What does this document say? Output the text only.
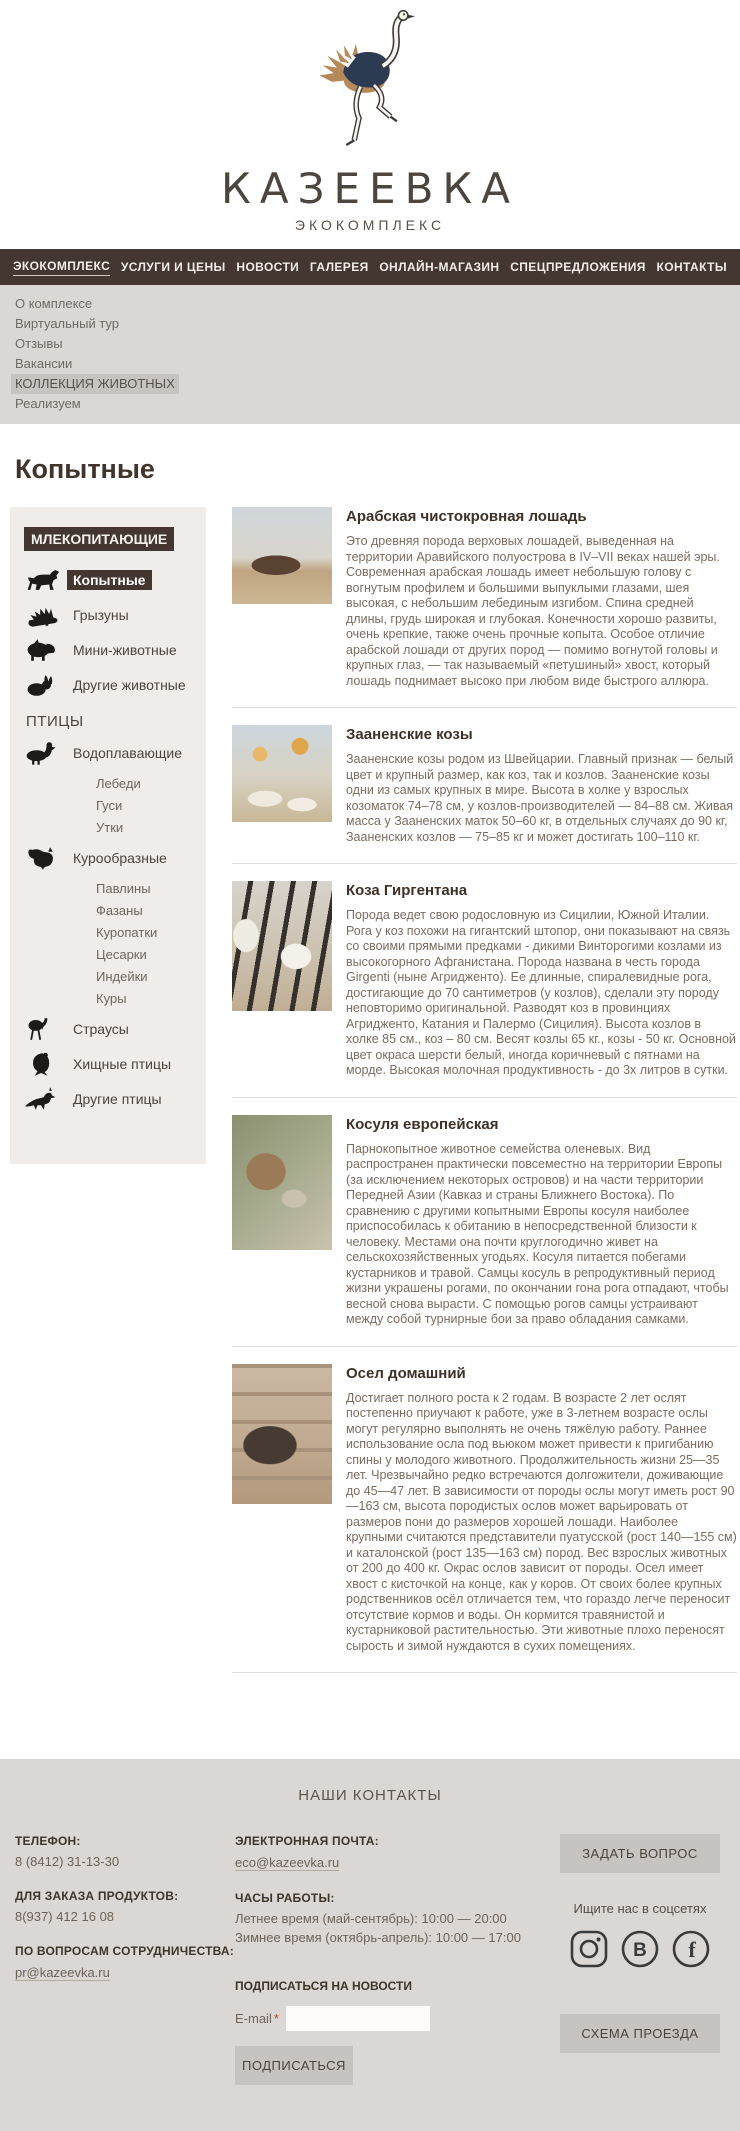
КАЗЕЕВКА
ЭКОКОМПЛЕКС
ЭКОКОМПЛЕКС УСЛУГИ И ЦЕНЫ НОВОСТИ ГАЛЕРЕЯ ОНЛАЙН-МАГАЗИН СПЕЦПРЕДЛОЖЕНИЯ КОНТАКТЫ
О комплексе
Виртуальный тур
Отзывы
Вакансии
КОЛЛЕКЦИЯ ЖИВОТНЫХ
Реализуем
Копытные
МЛЕКОПИТАЮЩИЕ
Копытные
Грызуны
Мини-животные
Другие животные
ПТИЦЫ
Водоплавающие
Лебеди
Гуси
Утки
Курообразные
Павлины
Фазаны
Куропатки
Цесарки
Индейки
Куры
Страусы
Хищные птицы
Другие птицы
Арабская чистокровная лошадь
Это древняя порода верховых лошадей, выведенная на территории Аравийского полуострова в IV–VII веках нашей эры. Современная арабская лошадь имеет небольшую голову с вогнутым профилем и большими выпуклыми глазами, шея высокая, с небольшим лебединым изгибом. Спина средней длины, грудь широкая и глубокая. Конечности хорошо развиты, очень крепкие, также очень прочные копыта. Особое отличие арабской лошади от других пород — помимо вогнутой головы и крупных глаз, — так называемый «петушиный» хвост, который лошадь поднимает высоко при любом виде быстрого аллюра.
Зааненские козы
Зааненские козы родом из Швейцарии. Главный признак — белый цвет и крупный размер, как коз, так и козлов. Зааненские козы одни из самых крупных в мире. Высота в холке у взрослых козоматок 74–78 см, у козлов-производителей — 84–88 см. Живая масса у Зааненских маток 50–60 кг, в отдельных случаях до 90 кг, Зааненских козлов — 75–85 кг и может достигать 100–110 кг.
Коза Гиргентана
Порода ведет свою родословную из Сицилии, Южной Италии. Рога у коз похожи на гигантский штопор, они показывают на связь со своими прямыми предками - дикими Винторогими козлами из высокогорного Афганистана. Порода названа в честь города Girgenti (ныне Агридженто). Ее длинные, спиралевидные рога, достигающие до 70 сантиметров (у козлов), сделали эту породу неповторимо оригинальной. Разводят коз в провинциях Агридженто, Катания и Палермо (Сицилия). Высота козлов в холке 85 см., коз – 80 см. Весят козлы 65 кг., козы - 50 кг. Основной цвет окраса шерсти белый, иногда коричневый с пятнами на морде. Высокая молочная продуктивность - до 3х литров в сутки.
Косуля европейская
Парнокопытное животное семейства оленевых. Вид распространен практически повсеместно на территории Европы (за исключением некоторых островов) и на части территории Передней Азии (Кавказ и страны Ближнего Востока). По сравнению с другими копытными Европы косуля наиболее приспособилась к обитанию в непосредственной близости к человеку. Местами она почти круглогодично живет на сельскохозяйственных угодьях. Косуля питается побегами кустарников и травой. Самцы косуль в репродуктивный период жизни украшены рогами, по окончании гона рога отпадают, чтобы весной снова вырасти. С помощью рогов самцы устраивают между собой турнирные бои за право обладания самками.
Осел домашний
Достигает полного роста к 2 годам. В возрасте 2 лет ослят постепенно приучают к работе, уже в 3-летнем возрасте ослы могут регулярно выполнять не очень тяжёлую работу. Раннее использование осла под вьюком может привести к пригибанию спины у молодого животного. Продолжительность жизни 25—35 лет. Чрезвычайно редко встречаются долгожители, доживающие до 45—47 лет. В зависимости от породы ослы могут иметь рост 90—163 см, высота породистых ослов может варьировать от размеров пони до размеров хорошей лошади. Наиболее крупными считаются представители пуатусской (рост 140—155 см) и каталонской (рост 135—163 см) пород. Вес взрослых животных от 200 до 400 кг. Окрас ослов зависит от породы. Осел имеет хвост с кисточкой на конце, как у коров. От своих более крупных родственников осёл отличается тем, что гораздо легче переносит отсутствие кормов и воды. Он кормится травянистой и кустарниковой растительностью. Эти животные плохо переносят сырость и зимой нуждаются в сухих помещениях.
НАШИ КОНТАКТЫ
ТЕЛЕФОН:
8 (8412) 31-13-30
ДЛЯ ЗАКАЗА ПРОДУКТОВ:
8(937) 412 16 08
ПО ВОПРОСАМ СОТРУДНИЧЕСТВА:
pr@kazeevka.ru
ЭЛЕКТРОННАЯ ПОЧТА:
eco@kazeevka.ru
ЧАСЫ РАБОТЫ:
Летнее время (май-сентябрь): 10:00 — 20:00
Зимнее время (октябрь-апрель): 10:00 — 17:00
ПОДПИСАТЬСЯ НА НОВОСТИ
E-mail *
ПОДПИСАТЬСЯ
ЗАДАТЬ ВОПРОС
Ищите нас в соцсетях
В f
СХЕМА ПРОЕЗДА
